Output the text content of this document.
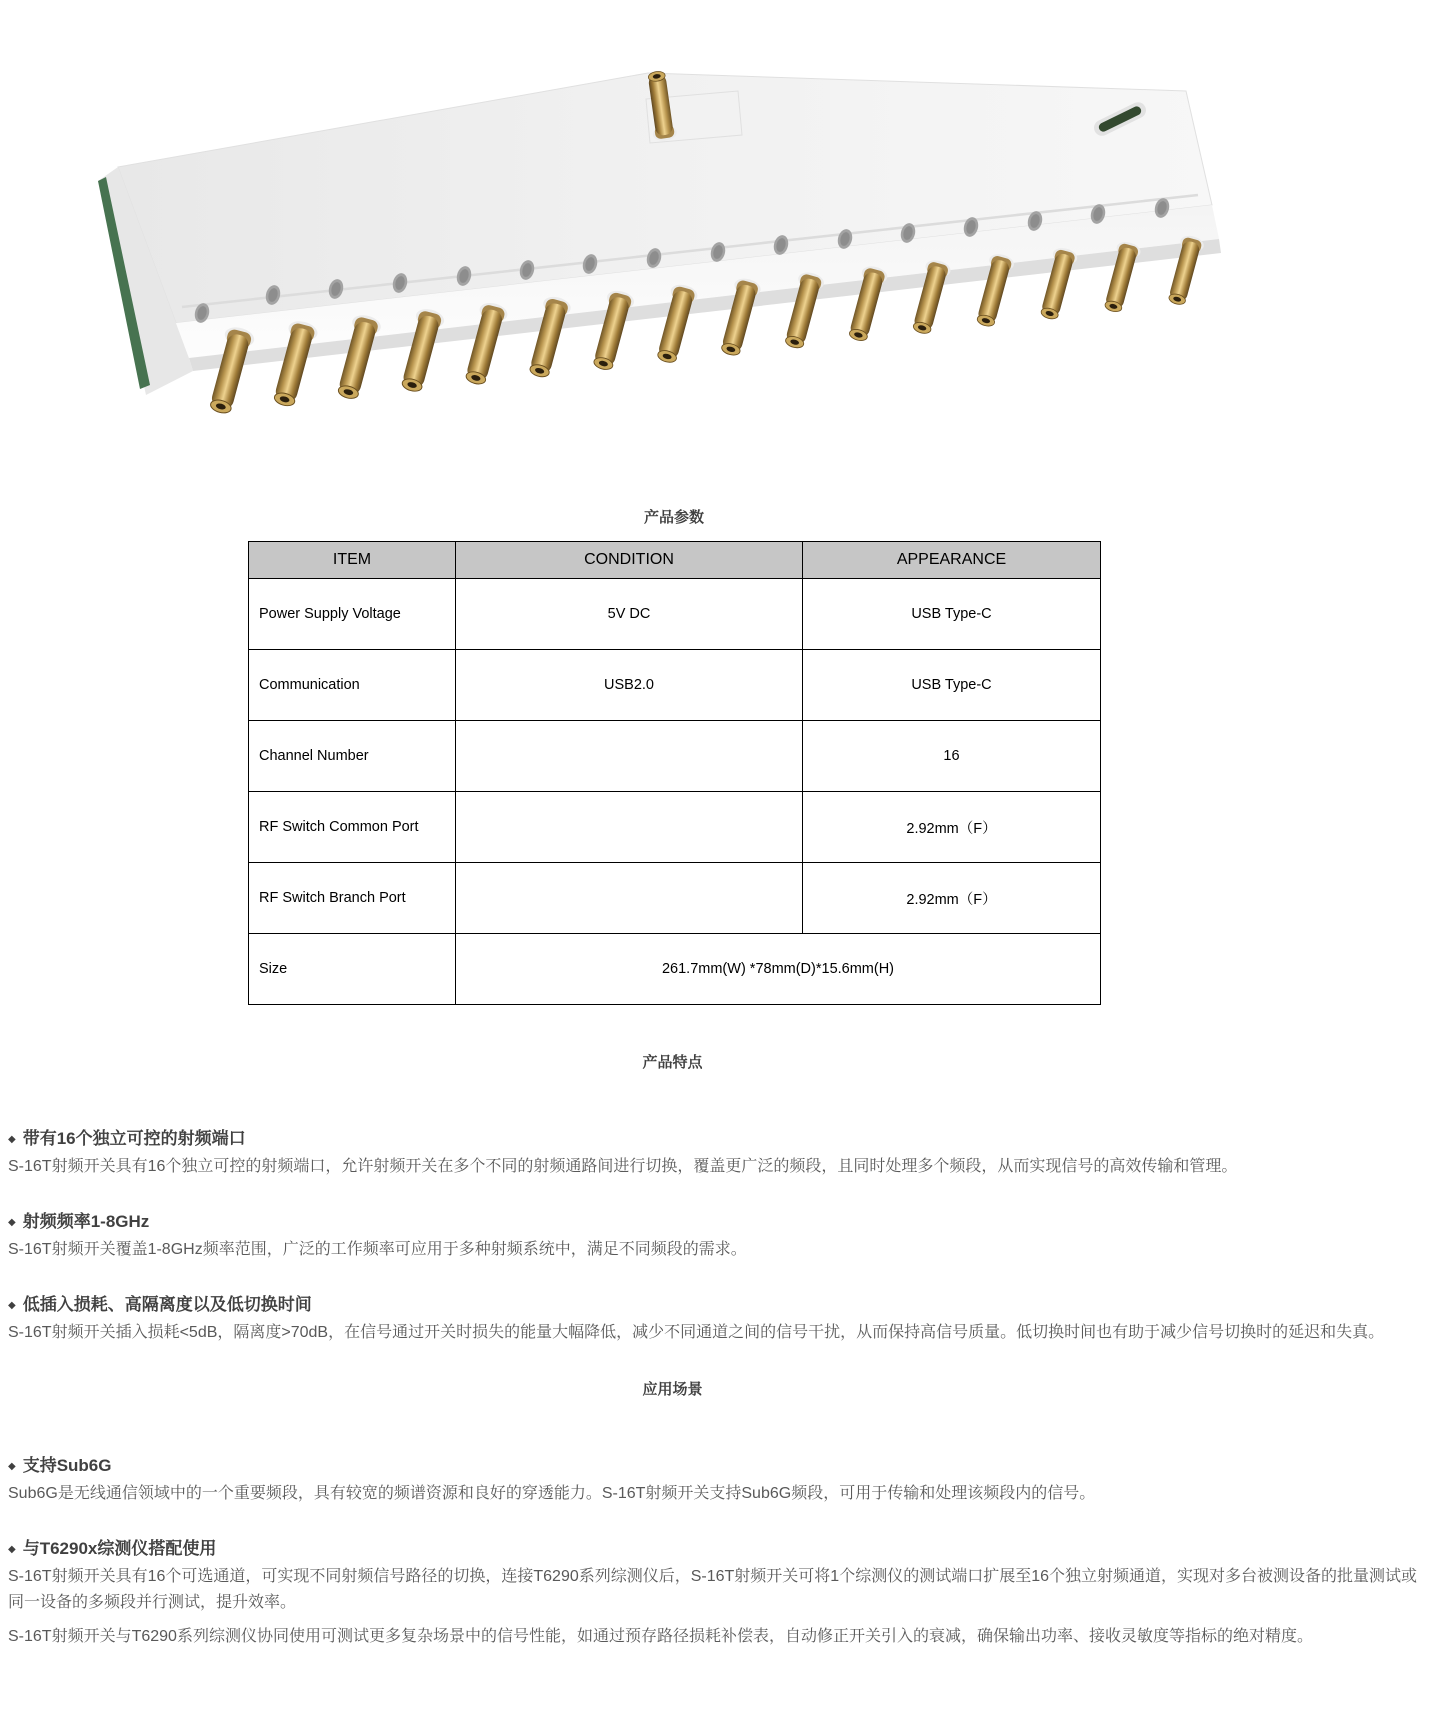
产品参数
ITEM	CONDITION	APPEARANCE
Power Supply Voltage	5V DC	USB Type-C
Communication	USB2.0	USB Type-C
Channel Number		16
RF Switch Common Port		2.92mm（F）
RF Switch Branch Port		2.92mm（F）
Size	261.7mm(W) *78mm(D)*15.6mm(H)	
产品特点
◆ 带有16个独立可控的射频端口
S-16T射频开关具有16个独立可控的射频端口，允许射频开关在多个不同的射频通路间进行切换，覆盖更广泛的频段，且同时处理多个频段，从而实现信号的高效传输和管理。
◆ 射频频率1-8GHz
S-16T射频开关覆盖1-8GHz频率范围，广泛的工作频率可应用于多种射频系统中，满足不同频段的需求。
◆ 低插入损耗、高隔离度以及低切换时间
S-16T射频开关插入损耗<5dB，隔离度>70dB，在信号通过开关时损失的能量大幅降低，减少不同通道之间的信号干扰，从而保持高信号质量。低切换时间也有助于减少信号切换时的延迟和失真。
应用场景
◆ 支持Sub6G
Sub6G是无线通信领域中的一个重要频段，具有较宽的频谱资源和良好的穿透能力。S-16T射频开关支持Sub6G频段，可用于传输和处理该频段内的信号。
◆ 与T6290x综测仪搭配使用
S-16T射频开关具有16个可选通道，可实现不同射频信号路径的切换，连接T6290系列综测仪后，S-16T射频开关可将1个综测仪的测试端口扩展至16个独立射频通道，实现对多台被测设备的批量测试或同一设备的多频段并行测试，提升效率。
S-16T射频开关与T6290系列综测仪协同使用可测试更多复杂场景中的信号性能，如通过预存路径损耗补偿表，自动修正开关引入的衰减，确保输出功率、接收灵敏度等指标的绝对精度。
